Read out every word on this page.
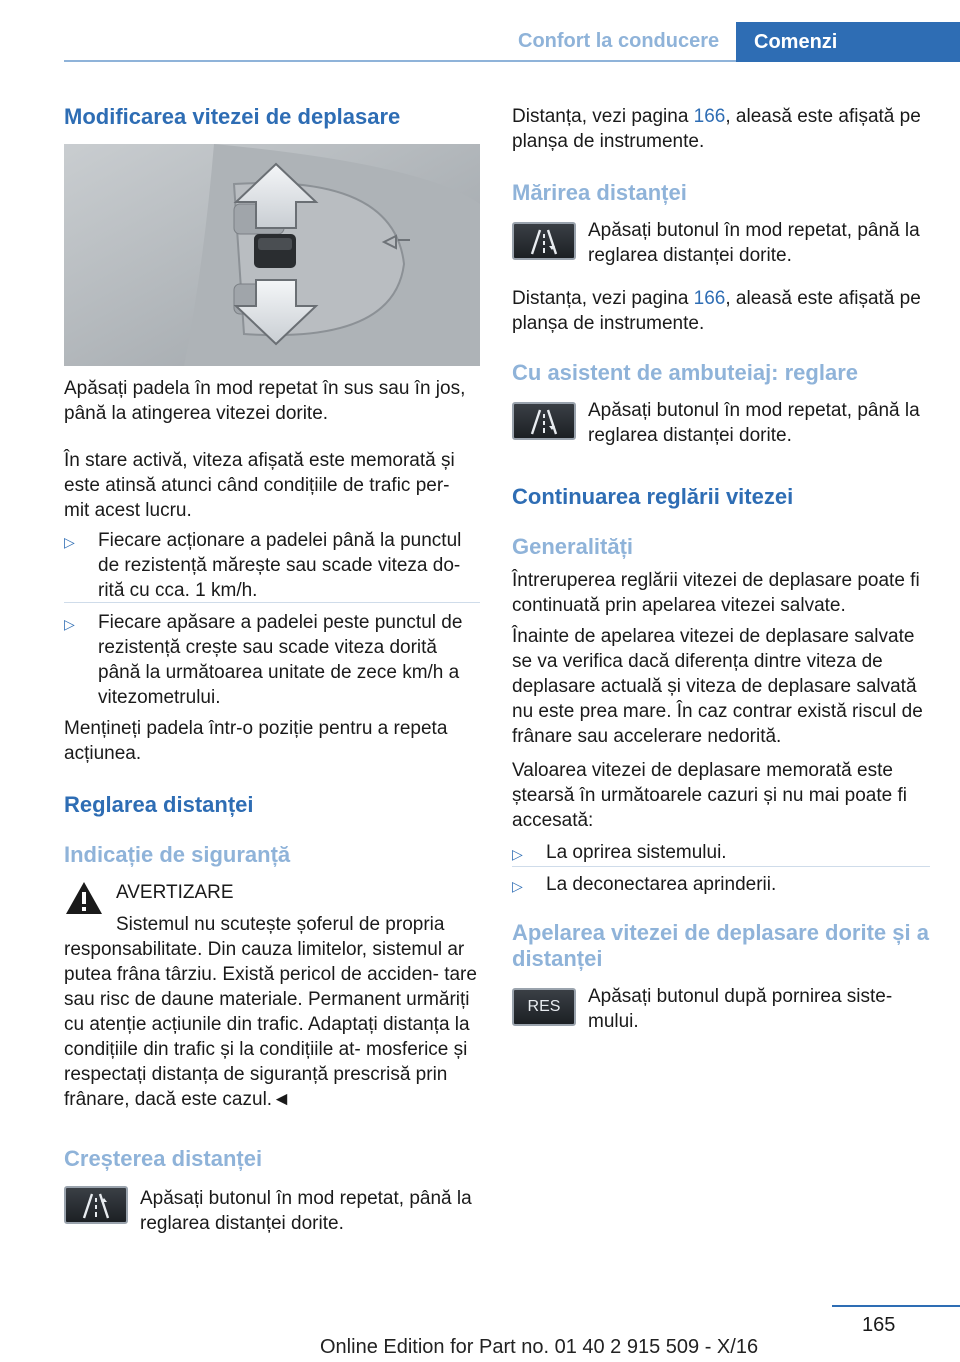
Confort la conducere	Comenzi
Modificarea vitezei de deplasare

Apăsați padela în mod repetat în sus sau în jos, până la atingerea vitezei dorite.

În stare activă, viteza afișată este memorată și este atinsă atunci când condițiile de trafic per‐ mit acest lucru.

▷ Fiecare acționare a padelei până la punctul de rezistență mărește sau scade viteza do‐ rită cu cca. 1 km/h.
▷ Fiecare apăsare a padelei peste punctul de rezistență crește sau scade viteza dorită până la următoarea unitate de zece km/h a vitezometrului.

Mențineți padela într-o poziție pentru a repeta acțiunea.

Reglarea distanței
Indicație de siguranță
AVERTIZARE
Sistemul nu scutește șoferul de propria
responsabilitate. Din cauza limitelor, sistemul ar putea frâna târziu. Există pericol de acciden‐ tare sau risc de daune materiale. Permanent urmăriți cu atenție acțiunile din trafic. Adaptați distanța la condițiile din trafic și la condițiile at‐ mosferice și respectați distanța de siguranță prescrisă prin frânare, dacă este cazul.◄
Creșterea distanței

Apăsați butonul în mod repetat, până la reglarea distanței dorite.

Distanța, vezi pagina 166, aleasă este afișată pe planșa de instrumente.

Mărirea distanței

Apăsați butonul în mod repetat, până la reglarea distanței dorite.

Distanța, vezi pagina 166, aleasă este afișată pe planșa de instrumente.

Cu asistent de ambuteiaj: reglare

Apăsați butonul în mod repetat, până la reglarea distanței dorite.

Continuarea reglării vitezei
Generalități

Întreruperea reglării vitezei de deplasare poate fi continuată prin apelarea vitezei salvate.

Înainte de apelarea vitezei de deplasare salvate se va verifica dacă diferența dintre viteza de deplasare actuală și viteza de deplasare salvată nu este prea mare. În caz contrar există riscul de frânare sau accelerare nedorită.

Valoarea vitezei de deplasare memorată este ștearsă în următoarele cazuri și nu mai poate fi accesată:

▷ La oprirea sistemului.
▷ La deconectarea aprinderii.
Apelarea vitezei de deplasare dorite și a distanței
RES	Apăsați butonul după pornirea siste‐ mului.

165
Online Edition for Part no. 01 40 2 915 509 - X/16
